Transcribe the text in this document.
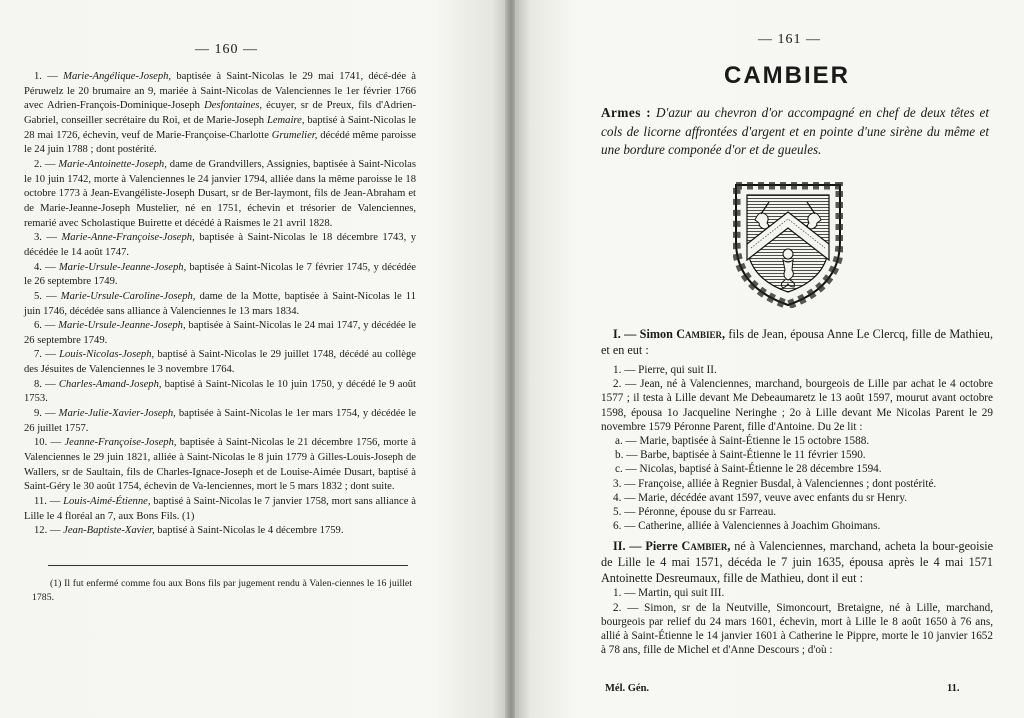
— 160 —

1. — Marie-Angélique-Joseph, baptisée à Saint-Nicolas le 29 mai 1741, décé-dée à Péruwelz le 20 brumaire an 9, mariée à Saint-Nicolas de Valenciennes le 1er février 1766 avec Adrien-François-Dominique-Joseph Desfontaines, écuyer, sr de Preux, fils d'Adrien-Gabriel, conseiller secrétaire du Roi, et de Marie-Joseph Lemaire, baptisé à Saint-Nicolas le 28 mai 1726, échevin, veuf de Marie-Françoise-Charlotte Grumelier, décédé même paroisse le 24 juin 1788 ; dont postérité.

2. — Marie-Antoinette-Joseph, dame de Grandvillers, Assignies, baptisée à Saint-Nicolas le 10 juin 1742, morte à Valenciennes le 24 janvier 1794, alliée dans la même paroisse le 18 octobre 1773 à Jean-Evangéliste-Joseph Dusart, sr de Ber-laymont, fils de Jean-Abraham et de Marie-Jeanne-Joseph Mustelier, né en 1751, échevin et trésorier de Valenciennes, remarié avec Scholastique Buirette et décédé à Raismes le 21 avril 1828.

3. — Marie-Anne-Françoise-Joseph, baptisée à Saint-Nicolas le 18 décembre 1743, y décédée le 14 août 1747.

4. — Marie-Ursule-Jeanne-Joseph, baptisée à Saint-Nicolas le 7 février 1745, y décédée le 26 septembre 1749.

5. — Marie-Ursule-Caroline-Joseph, dame de la Motte, baptisée à Saint-Nicolas le 11 juin 1746, décédée sans alliance à Valenciennes le 13 mars 1834.

6. — Marie-Ursule-Jeanne-Joseph, baptisée à Saint-Nicolas le 24 mai 1747, y décédée le 26 septembre 1749.

7. — Louis-Nicolas-Joseph, baptisé à Saint-Nicolas le 29 juillet 1748, décédé au collège des Jésuites de Valenciennes le 3 novembre 1764.

8. — Charles-Amand-Joseph, baptisé à Saint-Nicolas le 10 juin 1750, y décédé le 9 août 1753.

9. — Marie-Julie-Xavier-Joseph, baptisée à Saint-Nicolas le 1er mars 1754, y décédée le 26 juillet 1757.

10. — Jeanne-Françoise-Joseph, baptisée à Saint-Nicolas le 21 décembre 1756, morte à Valenciennes le 29 juin 1821, alliée à Saint-Nicolas le 8 juin 1779 à Gilles-Louis-Joseph de Wallers, sr de Saultain, fils de Charles-Ignace-Joseph et de Louise-Aimée Dusart, baptisé à Saint-Géry le 30 août 1754, échevin de Va-lenciennes, mort le 5 mars 1832 ; dont suite.

11. — Louis-Aimé-Étienne, baptisé à Saint-Nicolas le 7 janvier 1758, mort sans alliance à Lille le 4 floréal an 7, aux Bons Fils. (1)

12. — Jean-Baptiste-Xavier, baptisé à Saint-Nicolas le 4 décembre 1759.

(1) Il fut enfermé comme fou aux Bons fils par jugement rendu à Valen-ciennes le 16 juillet 1785.
— 161 —
CAMBIER
Armes : D'azur au chevron d'or accompagné en chef de deux têtes et cols de licorne affrontées d'argent et en pointe d'une sirène du même et une bordure componée d'or et de gueules.

I. — Simon Cambier, fils de Jean, épousa Anne Le Clercq, fille de Mathieu, et en eut :

1. — Pierre, qui suit II.

2. — Jean, né à Valenciennes, marchand, bourgeois de Lille par achat le 4 octobre 1577 ; il testa à Lille devant Me Debeaumaretz le 13 août 1597, mourut avant octobre 1598, épousa 1o Jacqueline Neringhe ; 2o à Lille devant Me Nicolas Parent le 29 novembre 1579 Péronne Parent, fille d'Antoine. Du 2e lit :

a. — Marie, baptisée à Saint-Étienne le 15 octobre 1588.

b. — Barbe, baptisée à Saint-Étienne le 11 février 1590.

c. — Nicolas, baptisé à Saint-Étienne le 28 décembre 1594.

3. — Françoise, alliée à Regnier Busdal, à Valenciennes ; dont postérité.

4. — Marie, décédée avant 1597, veuve avec enfants du sr Henry.

5. — Péronne, épouse du sr Farreau.

6. — Catherine, alliée à Valenciennes à Joachim Ghoimans.

II. — Pierre Cambier, né à Valenciennes, marchand, acheta la bour-geoisie de Lille le 4 mai 1571, décéda le 7 juin 1635, épousa après le 4 mai 1571 Antoinette Desreumaux, fille de Mathieu, dont il eut :

1. — Martin, qui suit III.

2. — Simon, sr de la Neutville, Simoncourt, Bretaigne, né à Lille, marchand, bourgeois par relief du 24 mars 1601, échevin, mort à Lille le 8 août 1650 à 76 ans, allié à Saint-Étienne le 14 janvier 1601 à Catherine le Pippre, morte le 10 janvier 1652 à 78 ans, fille de Michel et d'Anne Descours ; d'où :

Mél. Gén.	11.
